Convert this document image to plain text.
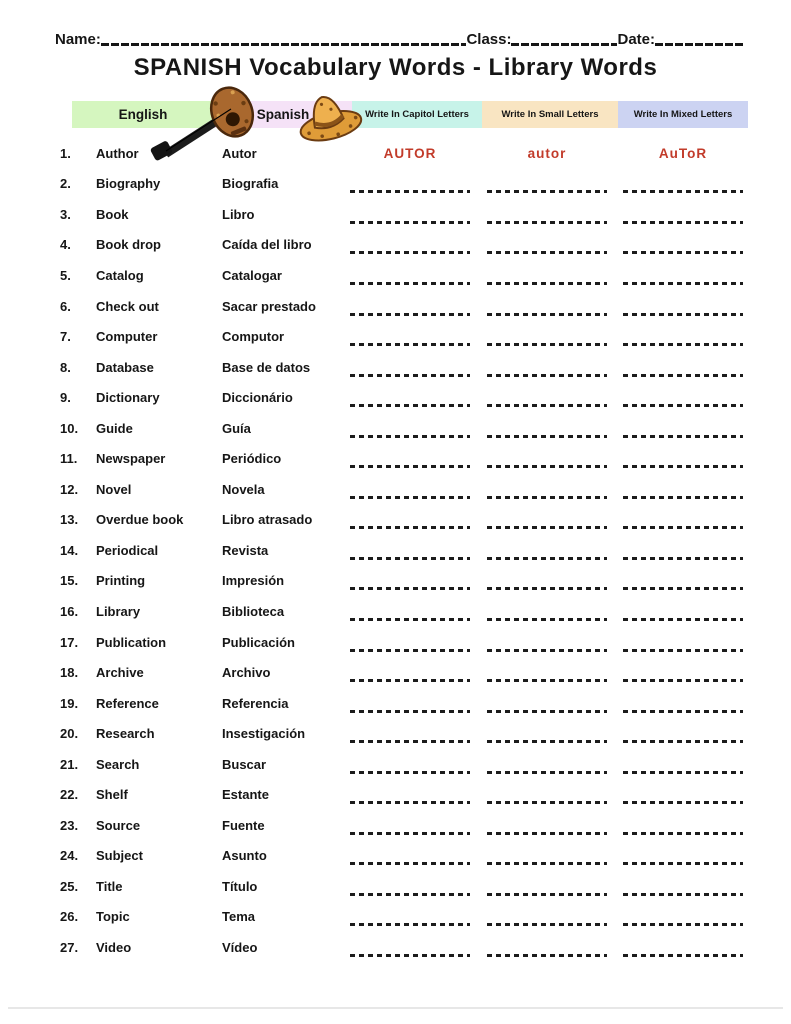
Name:	Class:	Date:
SPANISH Vocabulary Words - Library Words
English	Spanish	Write In Capitol Letters	Write In Small Letters	Write In Mixed Letters
1.	Author	Autor	AUTOR	autor	AuToR
2.	Biography	Biografia
3.	Book	Libro
4.	Book drop	Caída del libro
5.	Catalog	Catalogar
6.	Check out	Sacar prestado
7.	Computer	Computor
8.	Database	Base de datos
9.	Dictionary	Diccionário
10.	Guide	Guía
11.	Newspaper	Periódico
12.	Novel	Novela
13.	Overdue book	Libro atrasado
14.	Periodical	Revista
15.	Printing	Impresión
16.	Library	Biblioteca
17.	Publication	Publicación
18.	Archive	Archivo
19.	Reference	Referencia
20.	Research	Insestigación
21.	Search	Buscar
22.	Shelf	Estante
23.	Source	Fuente
24.	Subject	Asunto
25.	Title	Título
26.	Topic	Tema
27.	Video	Vídeo
